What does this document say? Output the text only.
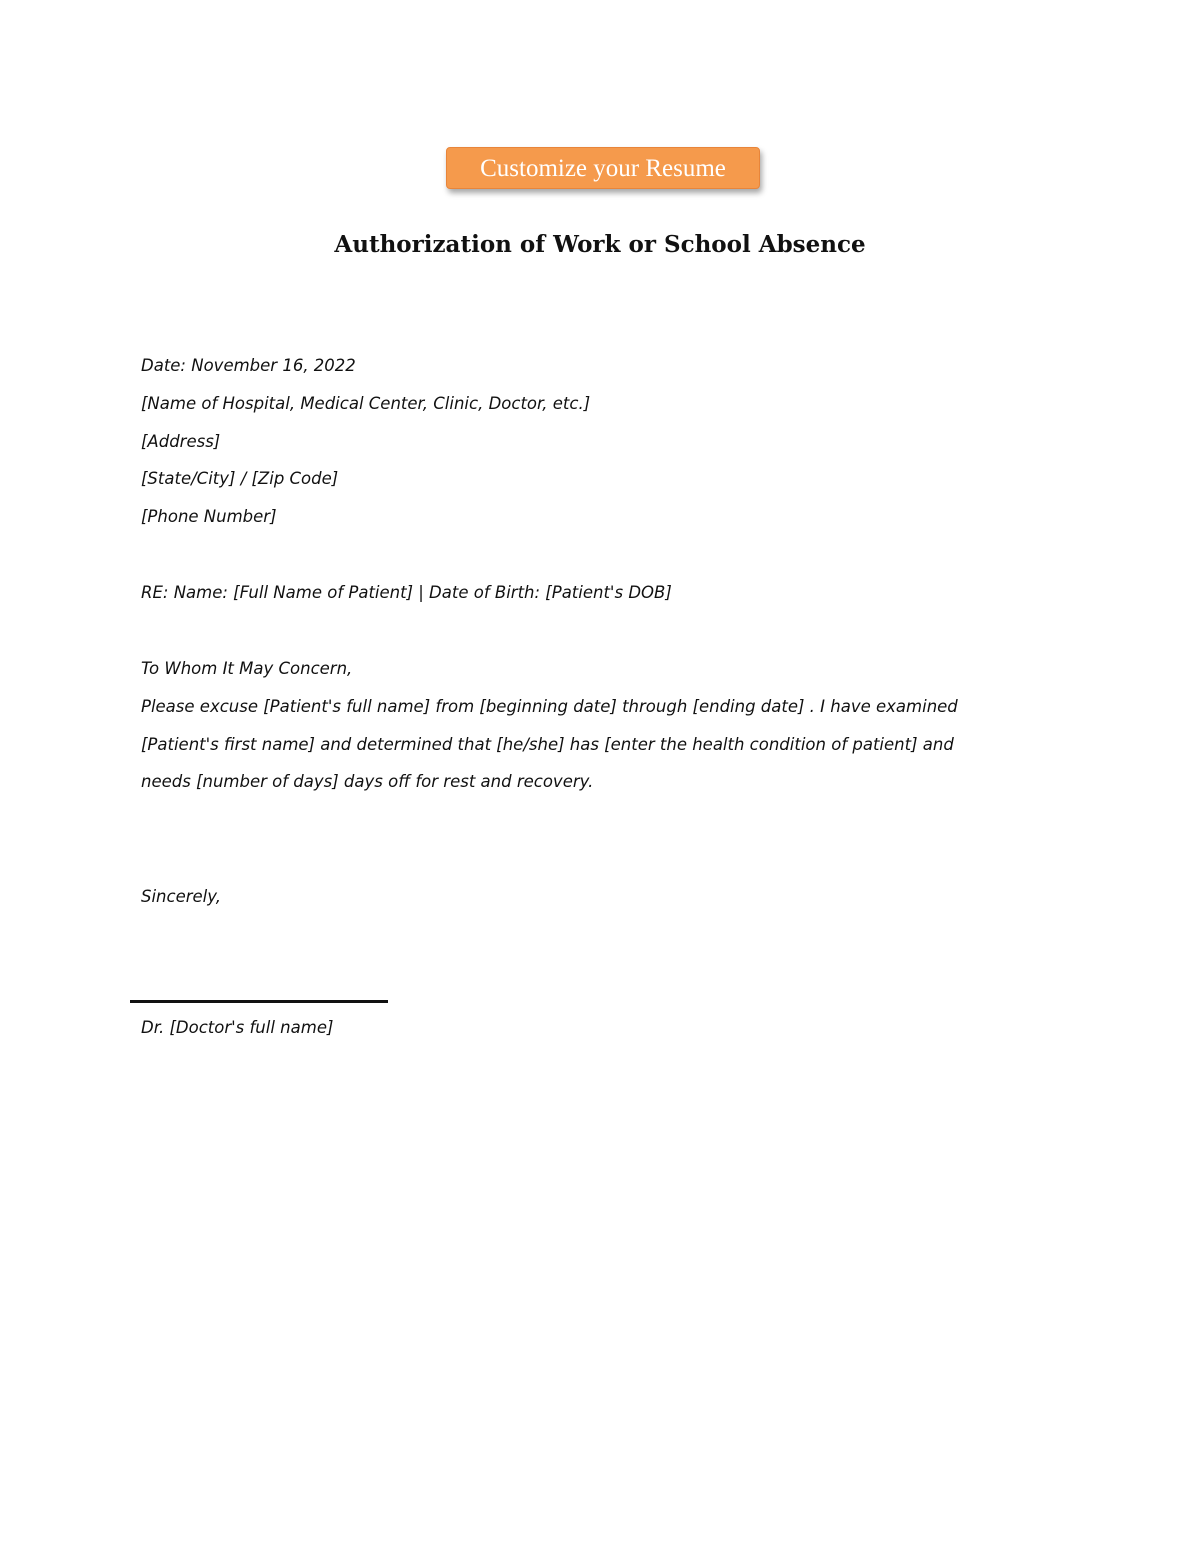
Customize your Resume
Authorization of Work or School Absence

Date: November 16, 2022

[Name of Hospital, Medical Center, Clinic, Doctor, etc.]

[Address]

[State/City] / [Zip Code]

[Phone Number]

RE: Name: [Full Name of Patient] | Date of Birth: [Patient's DOB]

To Whom It May Concern,

Please excuse [Patient's full name] from [beginning date] through [ending date] . I have examined

[Patient's first name] and determined that [he/she] has [enter the health condition of patient] and

needs [number of days] days off for rest and recovery.

Sincerely,

Dr. [Doctor's full name]
